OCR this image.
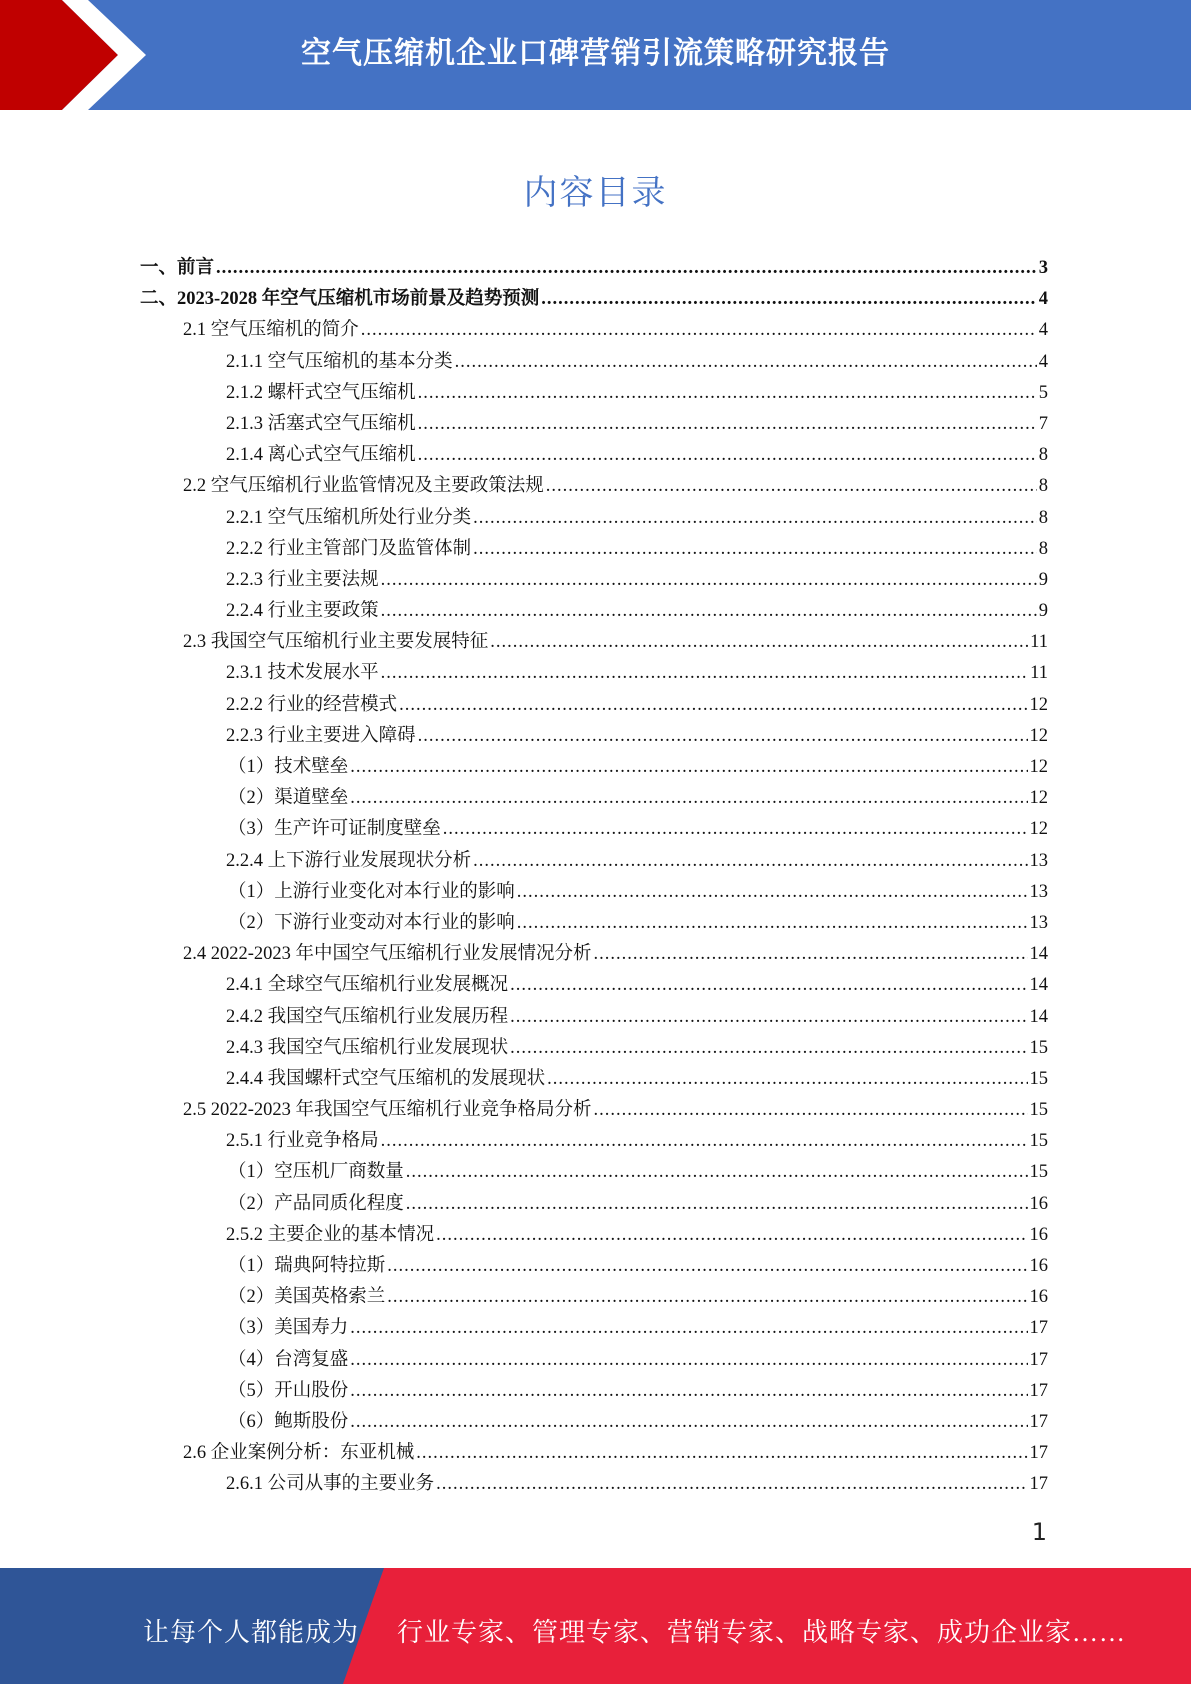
空气压缩机企业口碑营销引流策略研究报告
内容目录
一、前言 .....	3
二、2023-2028 年空气压缩机市场前景及趋势预测 .....	4
2.1 空气压缩机的简介 .....	4
2.1.1 空气压缩机的基本分类 .....	4
2.1.2 螺杆式空气压缩机 .....	5
2.1.3 活塞式空气压缩机 .....	7
2.1.4 离心式空气压缩机 .....	8
2.2 空气压缩机行业监管情况及主要政策法规 .....	8
2.2.1 空气压缩机所处行业分类 .....	8
2.2.2 行业主管部门及监管体制 .....	8
2.2.3 行业主要法规 .....	9
2.2.4 行业主要政策 .....	9
2.3 我国空气压缩机行业主要发展特征 .....	11
2.3.1 技术发展水平 .....	11
2.2.2 行业的经营模式 .....	12
2.2.3 行业主要进入障碍 .....	12
（1）技术壁垒 .....	12
（2）渠道壁垒 .....	12
（3）生产许可证制度壁垒 .....	12
2.2.4 上下游行业发展现状分析 .....	13
（1）上游行业变化对本行业的影响 .....	13
（2）下游行业变动对本行业的影响 .....	13
2.4 2022-2023 年中国空气压缩机行业发展情况分析 .....	14
2.4.1 全球空气压缩机行业发展概况 .....	14
2.4.2 我国空气压缩机行业发展历程 .....	14
2.4.3 我国空气压缩机行业发展现状 .....	15
2.4.4 我国螺杆式空气压缩机的发展现状 .....	15
2.5 2022-2023 年我国空气压缩机行业竞争格局分析 .....	15
2.5.1 行业竞争格局 .....	15
（1）空压机厂商数量 .....	15
（2）产品同质化程度 .....	16
2.5.2 主要企业的基本情况 .....	16
（1）瑞典阿特拉斯 .....	16
（2）美国英格索兰 .....	16
（3）美国寿力 .....	17
（4）台湾复盛 .....	17
（5）开山股份 .....	17
（6）鲍斯股份 .....	17
2.6 企业案例分析：东亚机械 .....	17
2.6.1 公司从事的主要业务 .....	17
1
让每个人都能成为 行业专家、管理专家、营销专家、战略专家、成功企业家……
